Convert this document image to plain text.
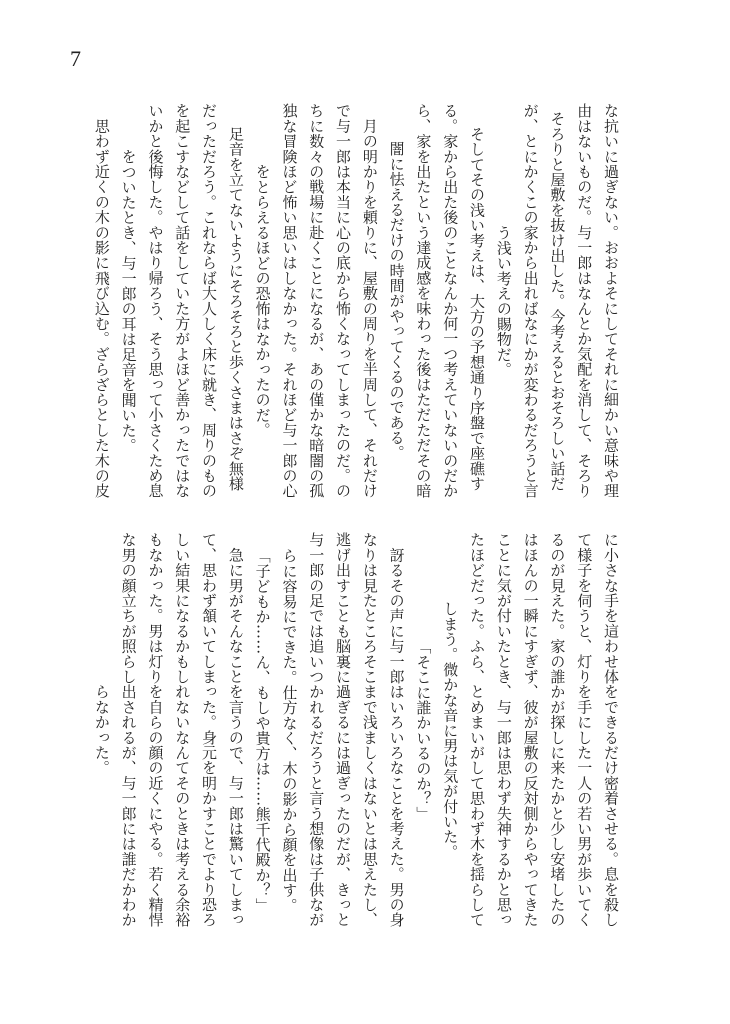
7
な抗いに過ぎない。おおよそにしてそれに細かい意味や理
由はないものだ。与一郎はなんとか気配を消して、そろり
そろりと屋敷を抜け出した。今考えるとおそろしい話だ
が、とにかくこの家から出ればなにかが変わるだろうと言
う浅い考えの賜物だ。
　そしてその浅い考えは、大方の予想通り序盤で座礁す
る。家から出た後のことなんか何一つ考えていないのだか
ら、家を出たという達成感を味わった後はただただその暗
闇に怯えるだけの時間がやってくるのである。
　月の明かりを頼りに、屋敷の周りを半周して、それだけ
で与一郎は本当に心の底から怖くなってしまったのだ。の
ちに数々の戦場に赴くことになるが、あの僅かな暗闇の孤
独な冒険ほど怖い思いはしなかった。それほど与一郎の心
をとらえるほどの恐怖はなかったのだ。
　足音を立てないようにそろそろと歩くさまはさぞ無様
だっただろう。これならば大人しく床に就き、周りのもの
を起こすなどして話をしていた方がよほど善かったではな
いかと後悔した。やはり帰ろう、そう思って小さくため息
をついたとき、与一郎の耳は足音を聞いた。
　思わず近くの木の影に飛び込む。ざらざらとした木の皮
に小さな手を這わせ体をできるだけ密着させる。息を殺し
て様子を伺うと、灯りを手にした一人の若い男が歩いてく
るのが見えた。家の誰かが探しに来たかと少し安堵したの
はほんの一瞬にすぎず、彼が屋敷の反対側からやってきた
ことに気が付いたとき、与一郎は思わず失神するかと思っ
たほどだった。ふら、とめまいがして思わず木を揺らして
しまう。微かな音に男は気が付いた。
「そこに誰かいるのか？」
　訝るその声に与一郎はいろいろなことを考えた。男の身
なりは見たところそこまで浅ましくはないとは思えたし、
逃げ出すことも脳裏に過ぎるには過ぎったのだが、きっと
与一郎の足では追いつかれるだろうと言う想像は子供なが
らに容易にできた。仕方なく、木の影から顔を出す。
「子どもか……ん、もしや貴方は……熊千代殿か？」
　急に男がそんなことを言うので、与一郎は驚いてしまっ
て、思わず頷いてしまった。身元を明かすことでより恐ろ
しい結果になるかもしれないなんてそのときは考える余裕
もなかった。男は灯りを自らの顔の近くにやる。若く精悍
な男の顔立ちが照らし出されるが、与一郎には誰だかわか
らなかった。
